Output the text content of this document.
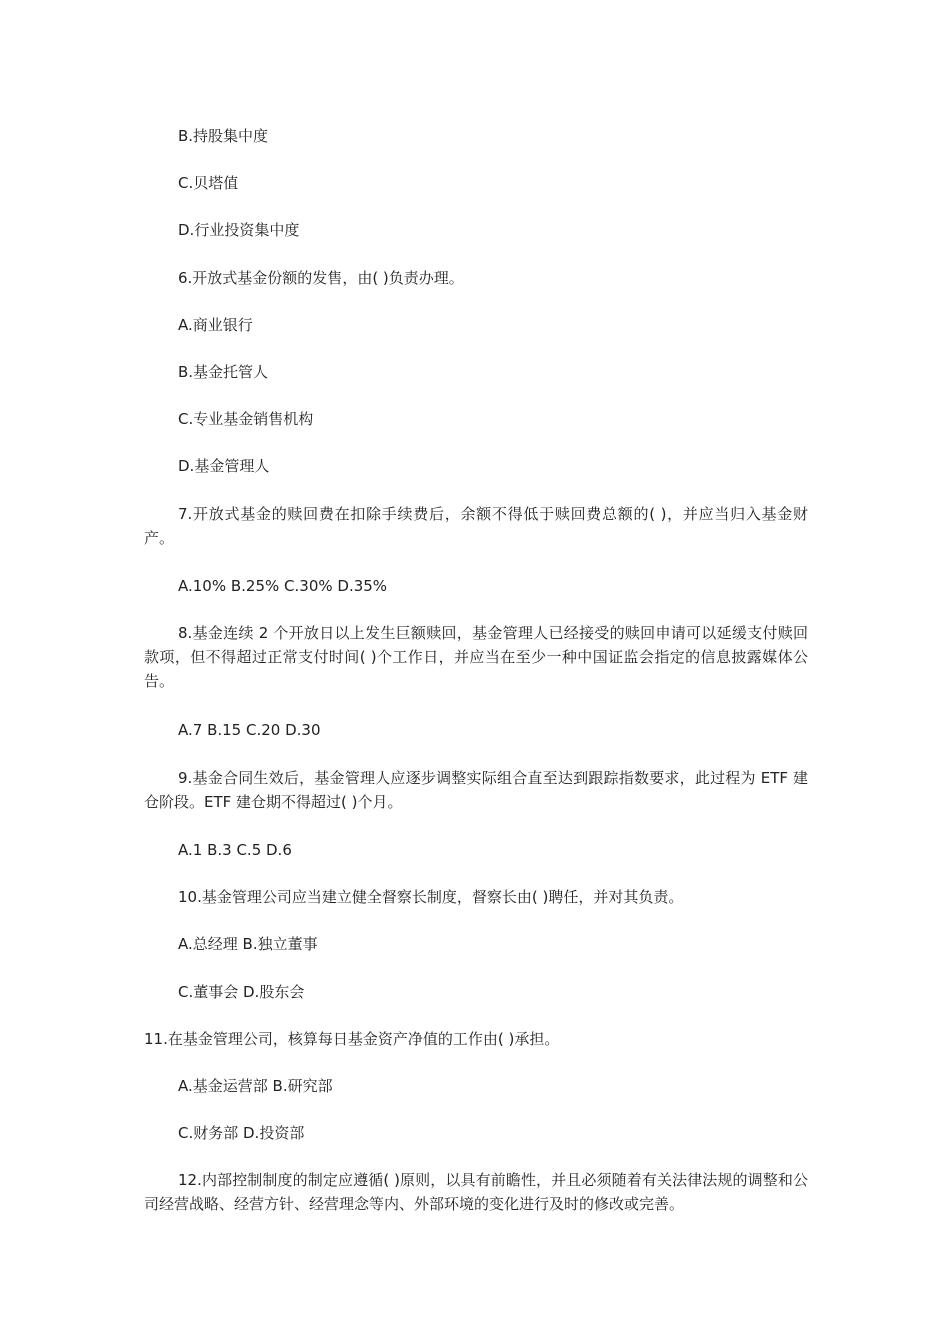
B.持股集中度

C.贝塔值

D.行业投资集中度

6.开放式基金份额的发售，由( )负责办理。

A.商业银行

B.基金托管人

C.专业基金销售机构

D.基金管理人

7.开放式基金的赎回费在扣除手续费后，余额不得低于赎回费总额的( )，并应当归入基金财产。

A.10% B.25% C.30% D.35%

8.基金连续 2 个开放日以上发生巨额赎回，基金管理人已经接受的赎回申请可以延缓支付赎回款项，但不得超过正常支付时间( )个工作日，并应当在至少一种中国证监会指定的信息披露媒体公告。

A.7 B.15 C.20 D.30

9.基金合同生效后，基金管理人应逐步调整实际组合直至达到跟踪指数要求，此过程为 ETF 建仓阶段。ETF 建仓期不得超过( )个月。

A.1 B.3 C.5 D.6

10.基金管理公司应当建立健全督察长制度，督察长由( )聘任，并对其负责。

A.总经理 B.独立董事

C.董事会 D.股东会

11.在基金管理公司，核算每日基金资产净值的工作由( )承担。

A.基金运营部 B.研究部

C.财务部 D.投资部

12.内部控制制度的制定应遵循( )原则，以具有前瞻性，并且必须随着有关法律法规的调整和公司经营战略、经营方针、经营理念等内、外部环境的变化进行及时的修改或完善。
